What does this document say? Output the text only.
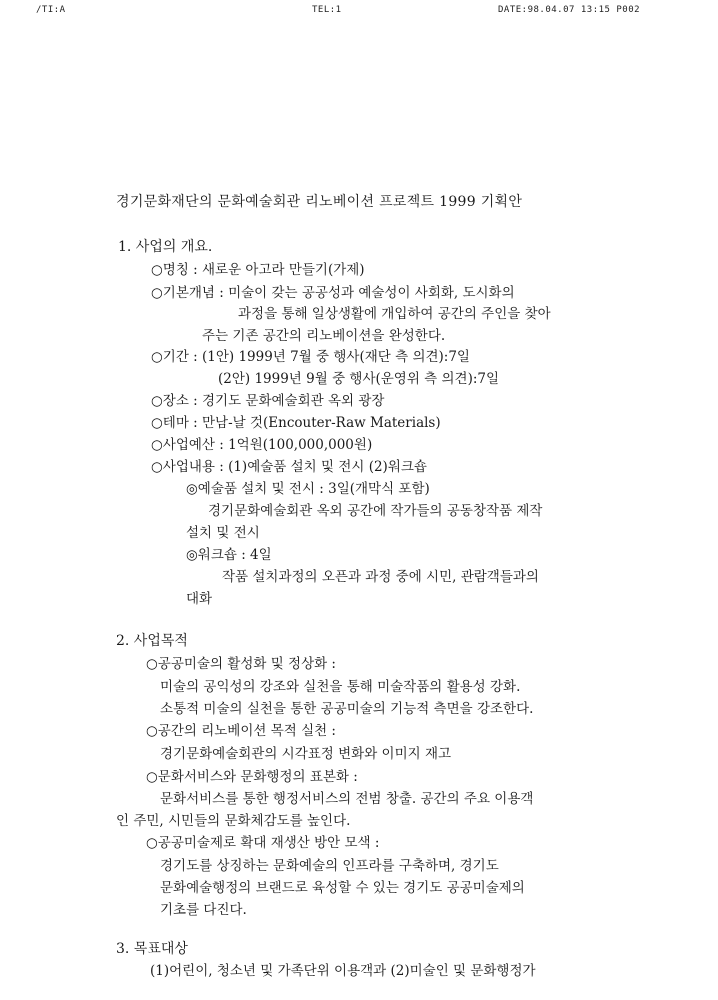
/TI:A	TEL:1	DATE:98.04.07 13:15 P002
경기문화재단의 문화예술회관 리노베이션 프로젝트 1999 기획안
1. 사업의 개요.
○명칭 : 새로운 아고라 만들기(가제)
○기본개념 : 미술이 갖는 공공성과 예술성이 사회화, 도시화의
과정을 통해 일상생활에 개입하여 공간의 주인을 찾아
주는 기존 공간의 리노베이션을 완성한다.
○기간 : (1안) 1999년 7월 중 행사(재단 측 의견):7일
(2안) 1999년 9월 중 행사(운영위 측 의견):7일
○장소 : 경기도 문화예술회관 옥외 광장
○테마 : 만남-날 것(Encouter-Raw Materials)
○사업예산 : 1억원(100,000,000원)
○사업내용 : (1)예술품 설치 및 전시 (2)워크숍
◎예술품 설치 및 전시 : 3일(개막식 포함)
경기문화예술회관 옥외 공간에 작가들의 공동창작품 제작
설치 및 전시
◎워크숍 : 4일
작품 설치과정의 오픈과 과정 중에 시민, 관람객들과의
대화
2. 사업목적
○공공미술의 활성화 및 정상화 :
미술의 공익성의 강조와 실천을 통해 미술작품의 활용성 강화.
소통적 미술의 실천을 통한 공공미술의 기능적 측면을 강조한다.
○공간의 리노베이션 목적 실천 :
경기문화예술회관의 시각표정 변화와 이미지 재고
○문화서비스와 문화행정의 표본화 :
문화서비스를 통한 행정서비스의 전범 창출. 공간의 주요 이용객
인 주민, 시민들의 문화체감도를 높인다.
○공공미술제로 확대 재생산 방안 모색 :
경기도를 상징하는 문화예술의 인프라를 구축하며, 경기도
문화예술행정의 브랜드로 육성할 수 있는 경기도 공공미술제의
기초를 다진다.
3. 목표대상
(1)어린이, 청소년 및 가족단위 이용객과 (2)미술인 및 문화행정가
